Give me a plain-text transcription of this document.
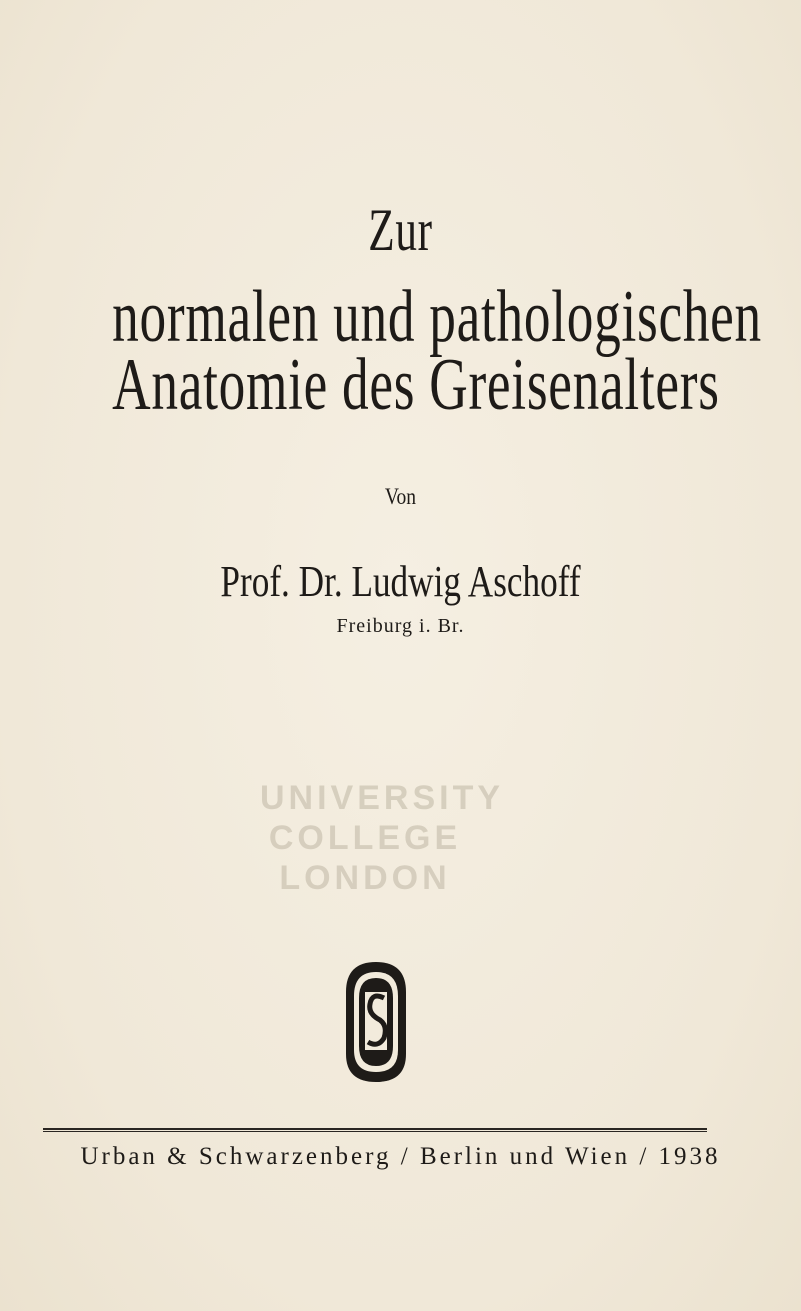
Zur
normalen und pathologischen
Anatomie des Greisenalters
Von
Prof. Dr. Ludwig Aschoff
Freiburg i. Br.
UNIVERSITY
COLLEGE
LONDON
Urban & Schwarzenberg / Berlin und Wien / 1938
